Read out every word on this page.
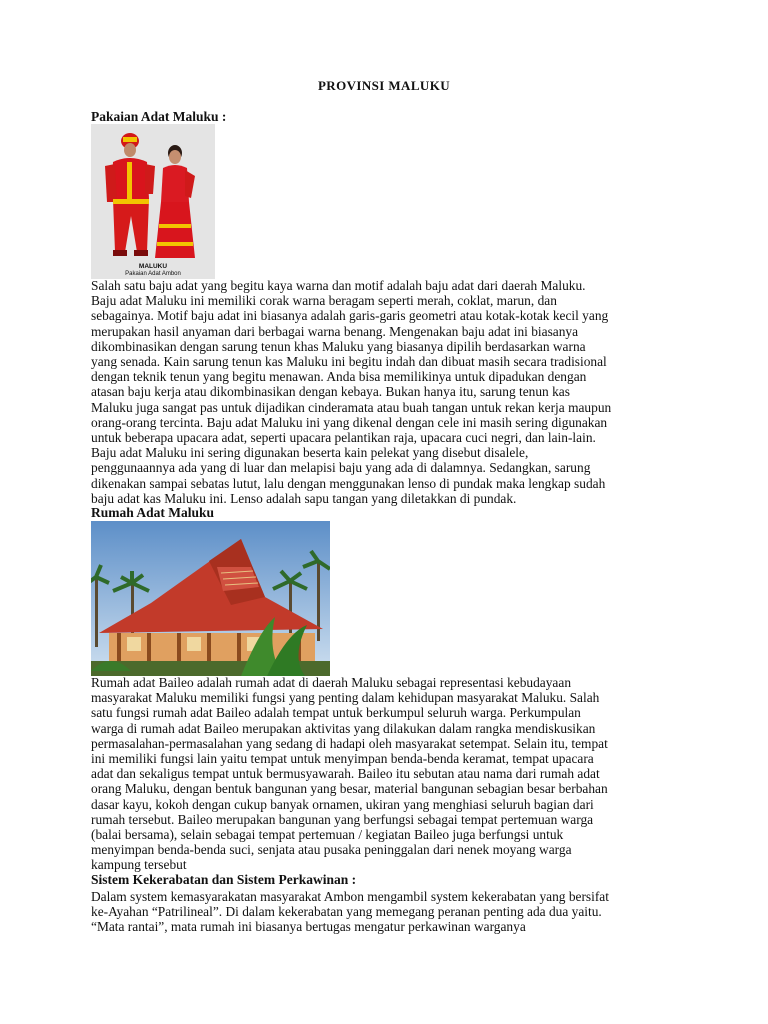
PROVINSI MALUKU
Pakaian Adat Maluku :
MALUKU
Pakaian Adat Ambon
Salah satu baju adat yang begitu kaya warna dan motif adalah baju adat dari daerah Maluku.
Baju adat Maluku ini memiliki corak warna beragam seperti merah, coklat, marun, dan
sebagainya. Motif baju adat ini biasanya adalah garis-garis geometri atau kotak-kotak kecil yang
merupakan hasil anyaman dari berbagai warna benang. Mengenakan baju adat ini biasanya
dikombinasikan dengan sarung tenun khas Maluku yang biasanya dipilih berdasarkan warna
yang senada. Kain sarung tenun kas Maluku ini begitu indah dan dibuat masih secara tradisional
dengan teknik tenun yang begitu menawan. Anda bisa memilikinya untuk dipadukan dengan
atasan baju kerja atau dikombinasikan dengan kebaya. Bukan hanya itu, sarung tenun kas
Maluku juga sangat pas untuk dijadikan cinderamata atau buah tangan untuk rekan kerja maupun
orang-orang tercinta. Baju adat Maluku ini yang dikenal dengan cele ini masih sering digunakan
untuk beberapa upacara adat, seperti upacara pelantikan raja, upacara cuci negri, dan lain-lain.
Baju adat Maluku ini sering digunakan beserta kain pelekat yang disebut disalele,
penggunaannya ada yang di luar dan melapisi baju yang ada di dalamnya. Sedangkan, sarung
dikenakan sampai sebatas lutut, lalu dengan menggunakan lenso di pundak maka lengkap sudah
baju adat kas Maluku ini. Lenso adalah sapu tangan yang diletakkan di pundak.
Rumah Adat Maluku
Rumah adat Baileo adalah rumah adat di daerah Maluku sebagai representasi kebudayaan
masyarakat Maluku memiliki fungsi yang penting dalam kehidupan masyarakat Maluku. Salah
satu fungsi rumah adat Baileo adalah tempat untuk berkumpul seluruh warga. Perkumpulan
warga di rumah adat Baileo merupakan aktivitas yang dilakukan dalam rangka mendiskusikan
permasalahan-permasalahan yang sedang di hadapi oleh masyarakat setempat. Selain itu, tempat
ini memiliki fungsi lain yaitu tempat untuk menyimpan benda-benda keramat, tempat upacara
adat dan sekaligus tempat untuk bermusyawarah. Baileo itu sebutan atau nama dari rumah adat
orang Maluku, dengan bentuk bangunan yang besar, material bangunan sebagian besar berbahan
dasar kayu, kokoh dengan cukup banyak ornamen, ukiran yang menghiasi seluruh bagian dari
rumah tersebut. Baileo merupakan bangunan yang berfungsi sebagai tempat pertemuan warga
(balai bersama), selain sebagai tempat pertemuan / kegiatan Baileo juga berfungsi untuk
menyimpan benda-benda suci, senjata atau pusaka peninggalan dari nenek moyang warga
kampung tersebut
Sistem Kekerabatan dan Sistem Perkawinan :
Dalam system kemasyarakatan masyarakat Ambon mengambil system kekerabatan yang bersifat
ke-Ayahan “Patrilineal”. Di dalam kekerabatan yang memegang peranan penting ada dua yaitu.
“Mata rantai”, mata rumah ini biasanya bertugas mengatur perkawinan warganya
